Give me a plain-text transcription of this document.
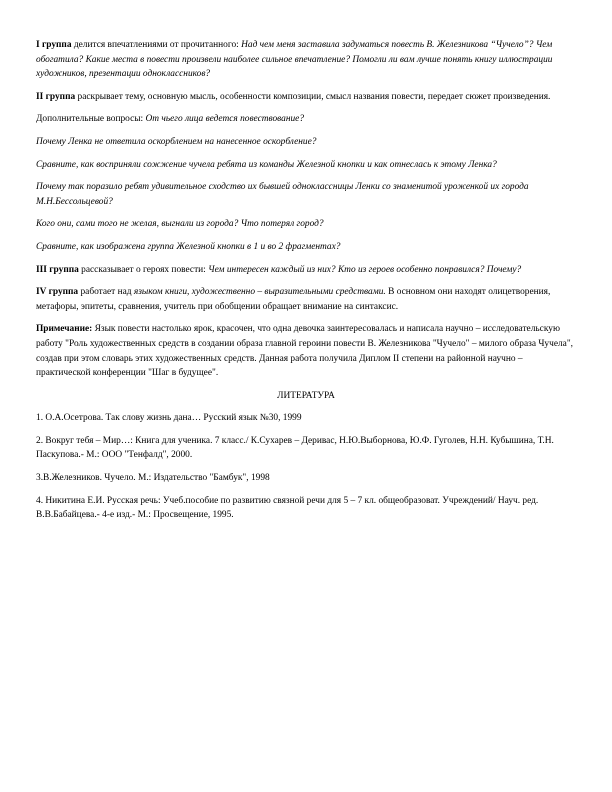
I группа делится впечатлениями от прочитанного: Над чем меня заставила задуматься повесть В. Железникова “Чучело”? Чем обогатила? Какие места в повести произвели наиболее сильное впечатление? Помогли ли вам лучше понять книгу иллюстрации художников, презентации одноклассников?

II группа раскрывает тему, основную мысль, особенности композиции, смысл названия повести, передает сюжет произведения.

Дополнительные вопросы: От чьего лица ведется повествование?

Почему Ленка не ответила оскорблением на нанесенное оскорбление?

Сравните, как восприняли сожжение чучела ребята из команды Железной кнопки и как отнеслась к этому Ленка?

Почему так поразило ребят удивительное сходство их бывшей одноклассницы Ленки со знаменитой уроженкой их города М.Н.Бессольцевой?

Кого они, сами того не желая, выгнали из города? Что потерял город?

Сравните, как изображена группа Железной кнопки в 1 и во 2 фрагментах?

III группа рассказывает о героях повести: Чем интересен каждый из них? Кто из героев особенно понравился? Почему?

IV группа работает над языком книги, художественно – выразительными средствами. В основном они находят олицетворения, метафоры, эпитеты, сравнения, учитель при обобщении обращает внимание на синтаксис.

Примечание: Язык повести настолько ярок, красочен, что одна девочка заинтересовалась и написала научно – исследовательскую работу "Роль художественных средств в создании образа главной героини повести В. Железникова "Чучело" – милого образа Чучела", создав при этом словарь этих художественных средств. Данная работа получила Диплом II степени на районной научно – практической конференции "Шаг в будущее".

ЛИТЕРАТУРА

1. О.А.Осетрова. Так слову жизнь дана… Русский язык №30, 1999

2. Вокруг тебя – Мир…: Книга для ученика. 7 класс./ К.Сухарев – Деривас, Н.Ю.Выборнова, Ю.Ф. Гуголев, Н.Н. Кубышина, Т.Н. Паскупова.- М.: ООО "Тенфалд", 2000.

3.В.Железников. Чучело. М.: Издательство "Бамбук", 1998

4. Никитина Е.И. Русская речь: Учеб.пособие по развитию связной речи для 5 – 7 кл. общеобразоват. Учреждений/ Науч. ред. В.В.Бабайцева.- 4-е изд.- М.: Просвещение, 1995.
